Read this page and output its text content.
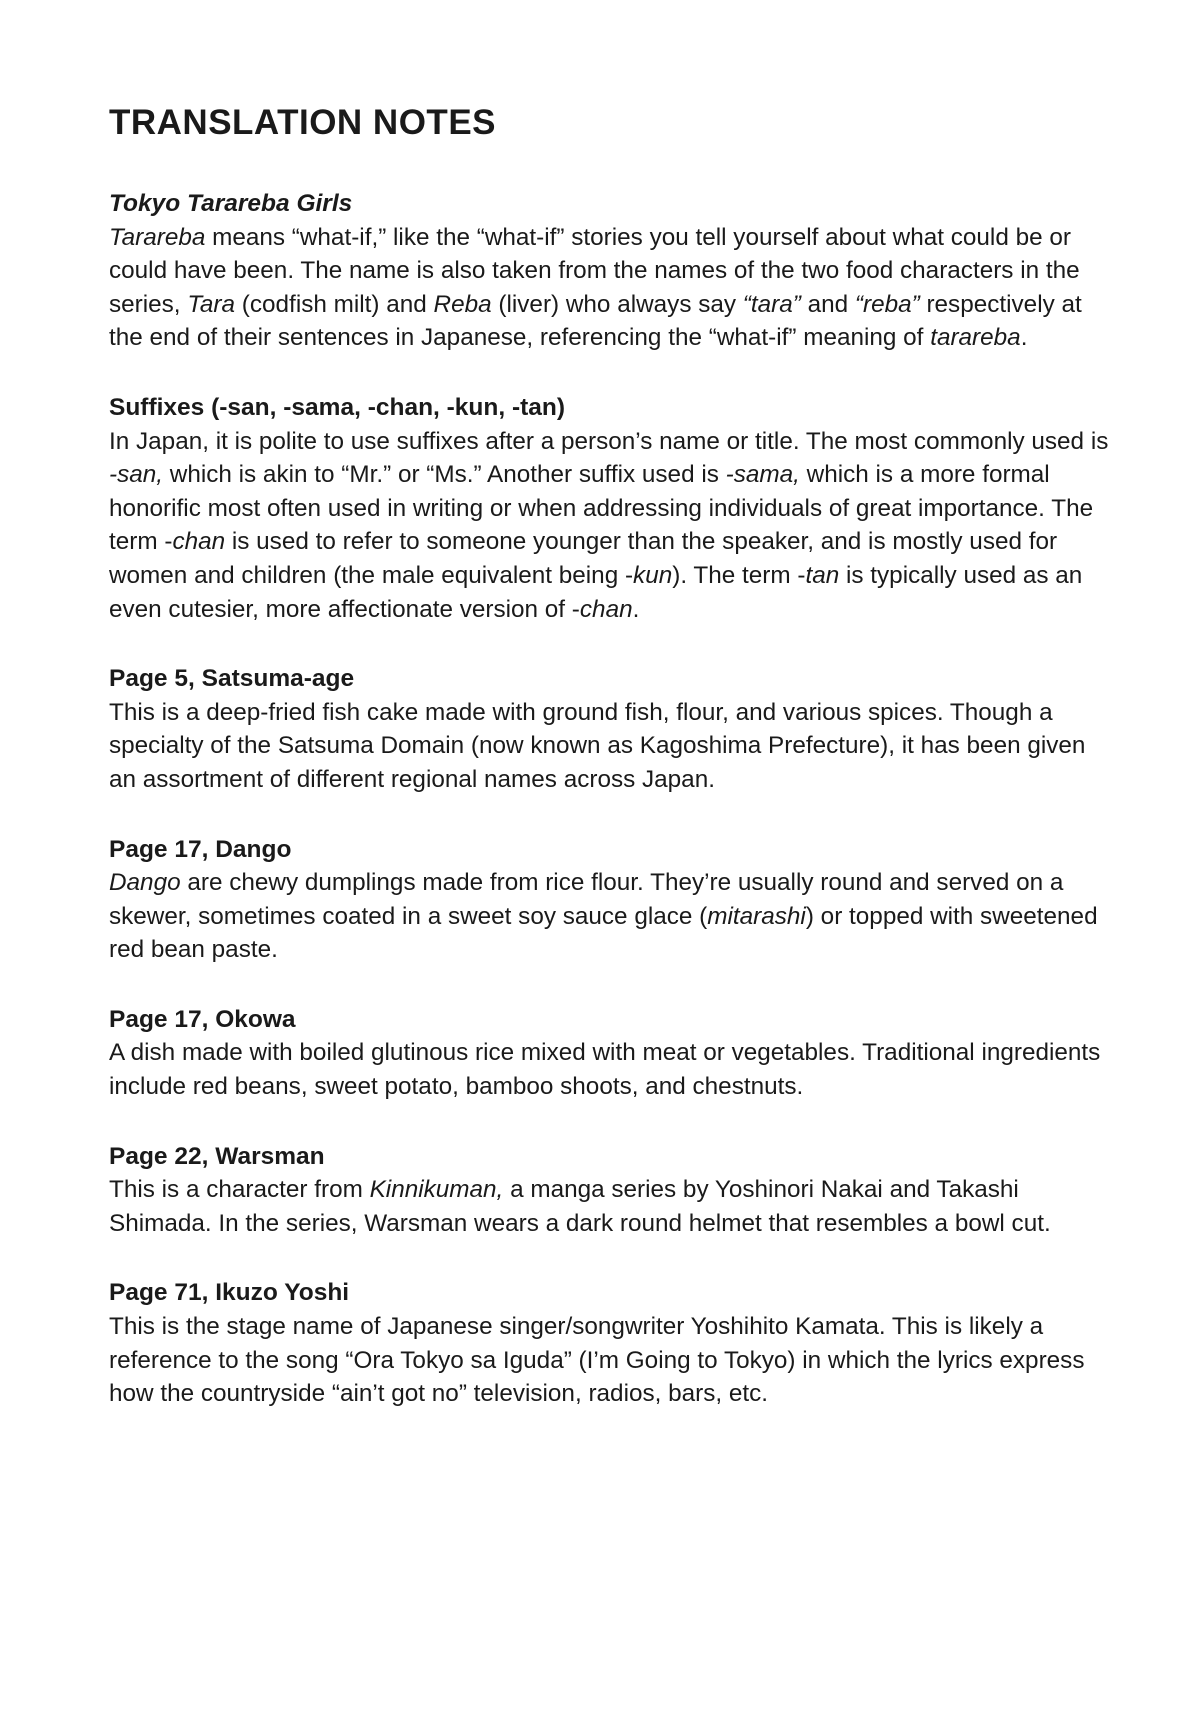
TRANSLATION NOTES

Tokyo Tarareba Girls

Tarareba means “what-if,” like the “what-if” stories you tell yourself about what could be or could have been. The name is also taken from the names of the two food characters in the series, Tara (codfish milt) and Reba (liver) who always say “tara” and “reba” respectively at the end of their sentences in Japanese, referencing the “what-if” meaning of tarareba.

Suffixes (-san, -sama, -chan, -kun, -tan)

In Japan, it is polite to use suffixes after a person’s name or title. The most commonly used is -san, which is akin to “Mr.” or “Ms.” Another suffix used is -sama, which is a more formal honorific most often used in writing or when addressing individuals of great importance. The term -chan is used to refer to someone younger than the speaker, and is mostly used for women and children (the male equivalent being -kun). The term -tan is typically used as an even cutesier, more affectionate version of -chan.

Page 5, Satsuma-age

This is a deep-fried fish cake made with ground fish, flour, and various spices. Though a specialty of the Satsuma Domain (now known as Kagoshima Prefecture), it has been given an assortment of different regional names across Japan.

Page 17, Dango

Dango are chewy dumplings made from rice flour. They’re usually round and served on a skewer, sometimes coated in a sweet soy sauce glace (mitarashi) or topped with sweetened red bean paste.

Page 17, Okowa

A dish made with boiled glutinous rice mixed with meat or vegetables. Traditional ingredients include red beans, sweet potato, bamboo shoots, and chestnuts.

Page 22, Warsman

This is a character from Kinnikuman, a manga series by Yoshinori Nakai and Takashi Shimada. In the series, Warsman wears a dark round helmet that resembles a bowl cut.

Page 71, Ikuzo Yoshi

This is the stage name of Japanese singer/songwriter Yoshihito Kamata. This is likely a reference to the song “Ora Tokyo sa Iguda” (I’m Going to Tokyo) in which the lyrics express how the countryside “ain’t got no” television, radios, bars, etc.
